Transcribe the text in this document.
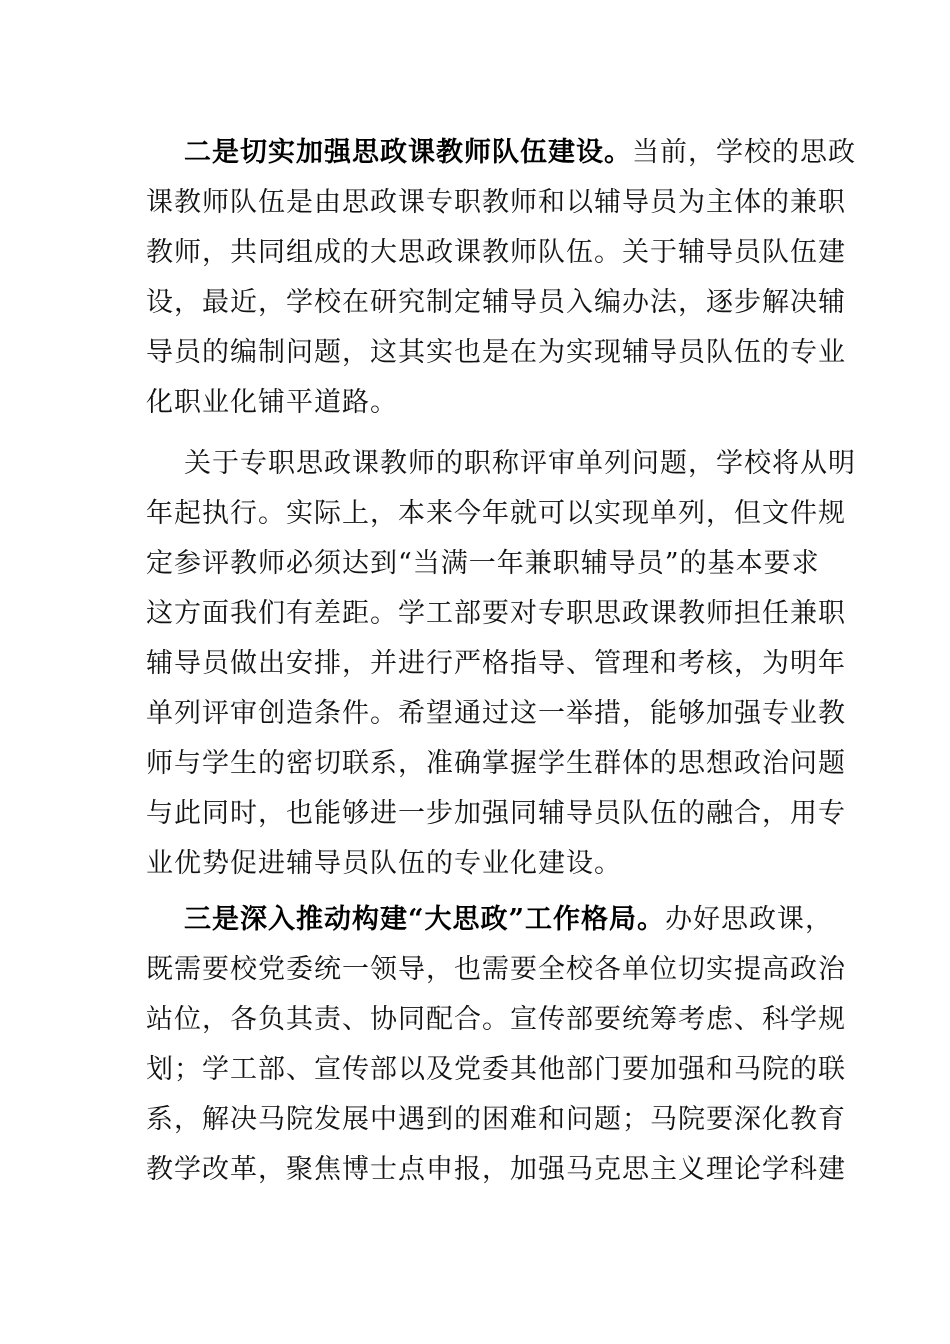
二是切实加强思政课教师队伍建设。当前，学校的思政
课教师队伍是由思政课专职教师和以辅导员为主体的兼职
教师，共同组成的大思政课教师队伍。关于辅导员队伍建
设，最近，学校在研究制定辅导员入编办法，逐步解决辅
导员的编制问题，这其实也是在为实现辅导员队伍的专业
化职业化铺平道路。
关于专职思政课教师的职称评审单列问题，学校将从明
年起执行。实际上，本来今年就可以实现单列，但文件规
定参评教师必须达到“当满一年兼职辅导员”的基本要求
这方面我们有差距。学工部要对专职思政课教师担任兼职
辅导员做出安排，并进行严格指导、管理和考核，为明年
单列评审创造条件。希望通过这一举措，能够加强专业教
师与学生的密切联系，准确掌握学生群体的思想政治问题
与此同时，也能够进一步加强同辅导员队伍的融合，用专
业优势促进辅导员队伍的专业化建设。
三是深入推动构建“大思政”工作格局。办好思政课，
既需要校党委统一领导，也需要全校各单位切实提高政治
站位，各负其责、协同配合。宣传部要统筹考虑、科学规
划；学工部、宣传部以及党委其他部门要加强和马院的联
系，解决马院发展中遇到的困难和问题；马院要深化教育
教学改革，聚焦博士点申报，加强马克思主义理论学科建
